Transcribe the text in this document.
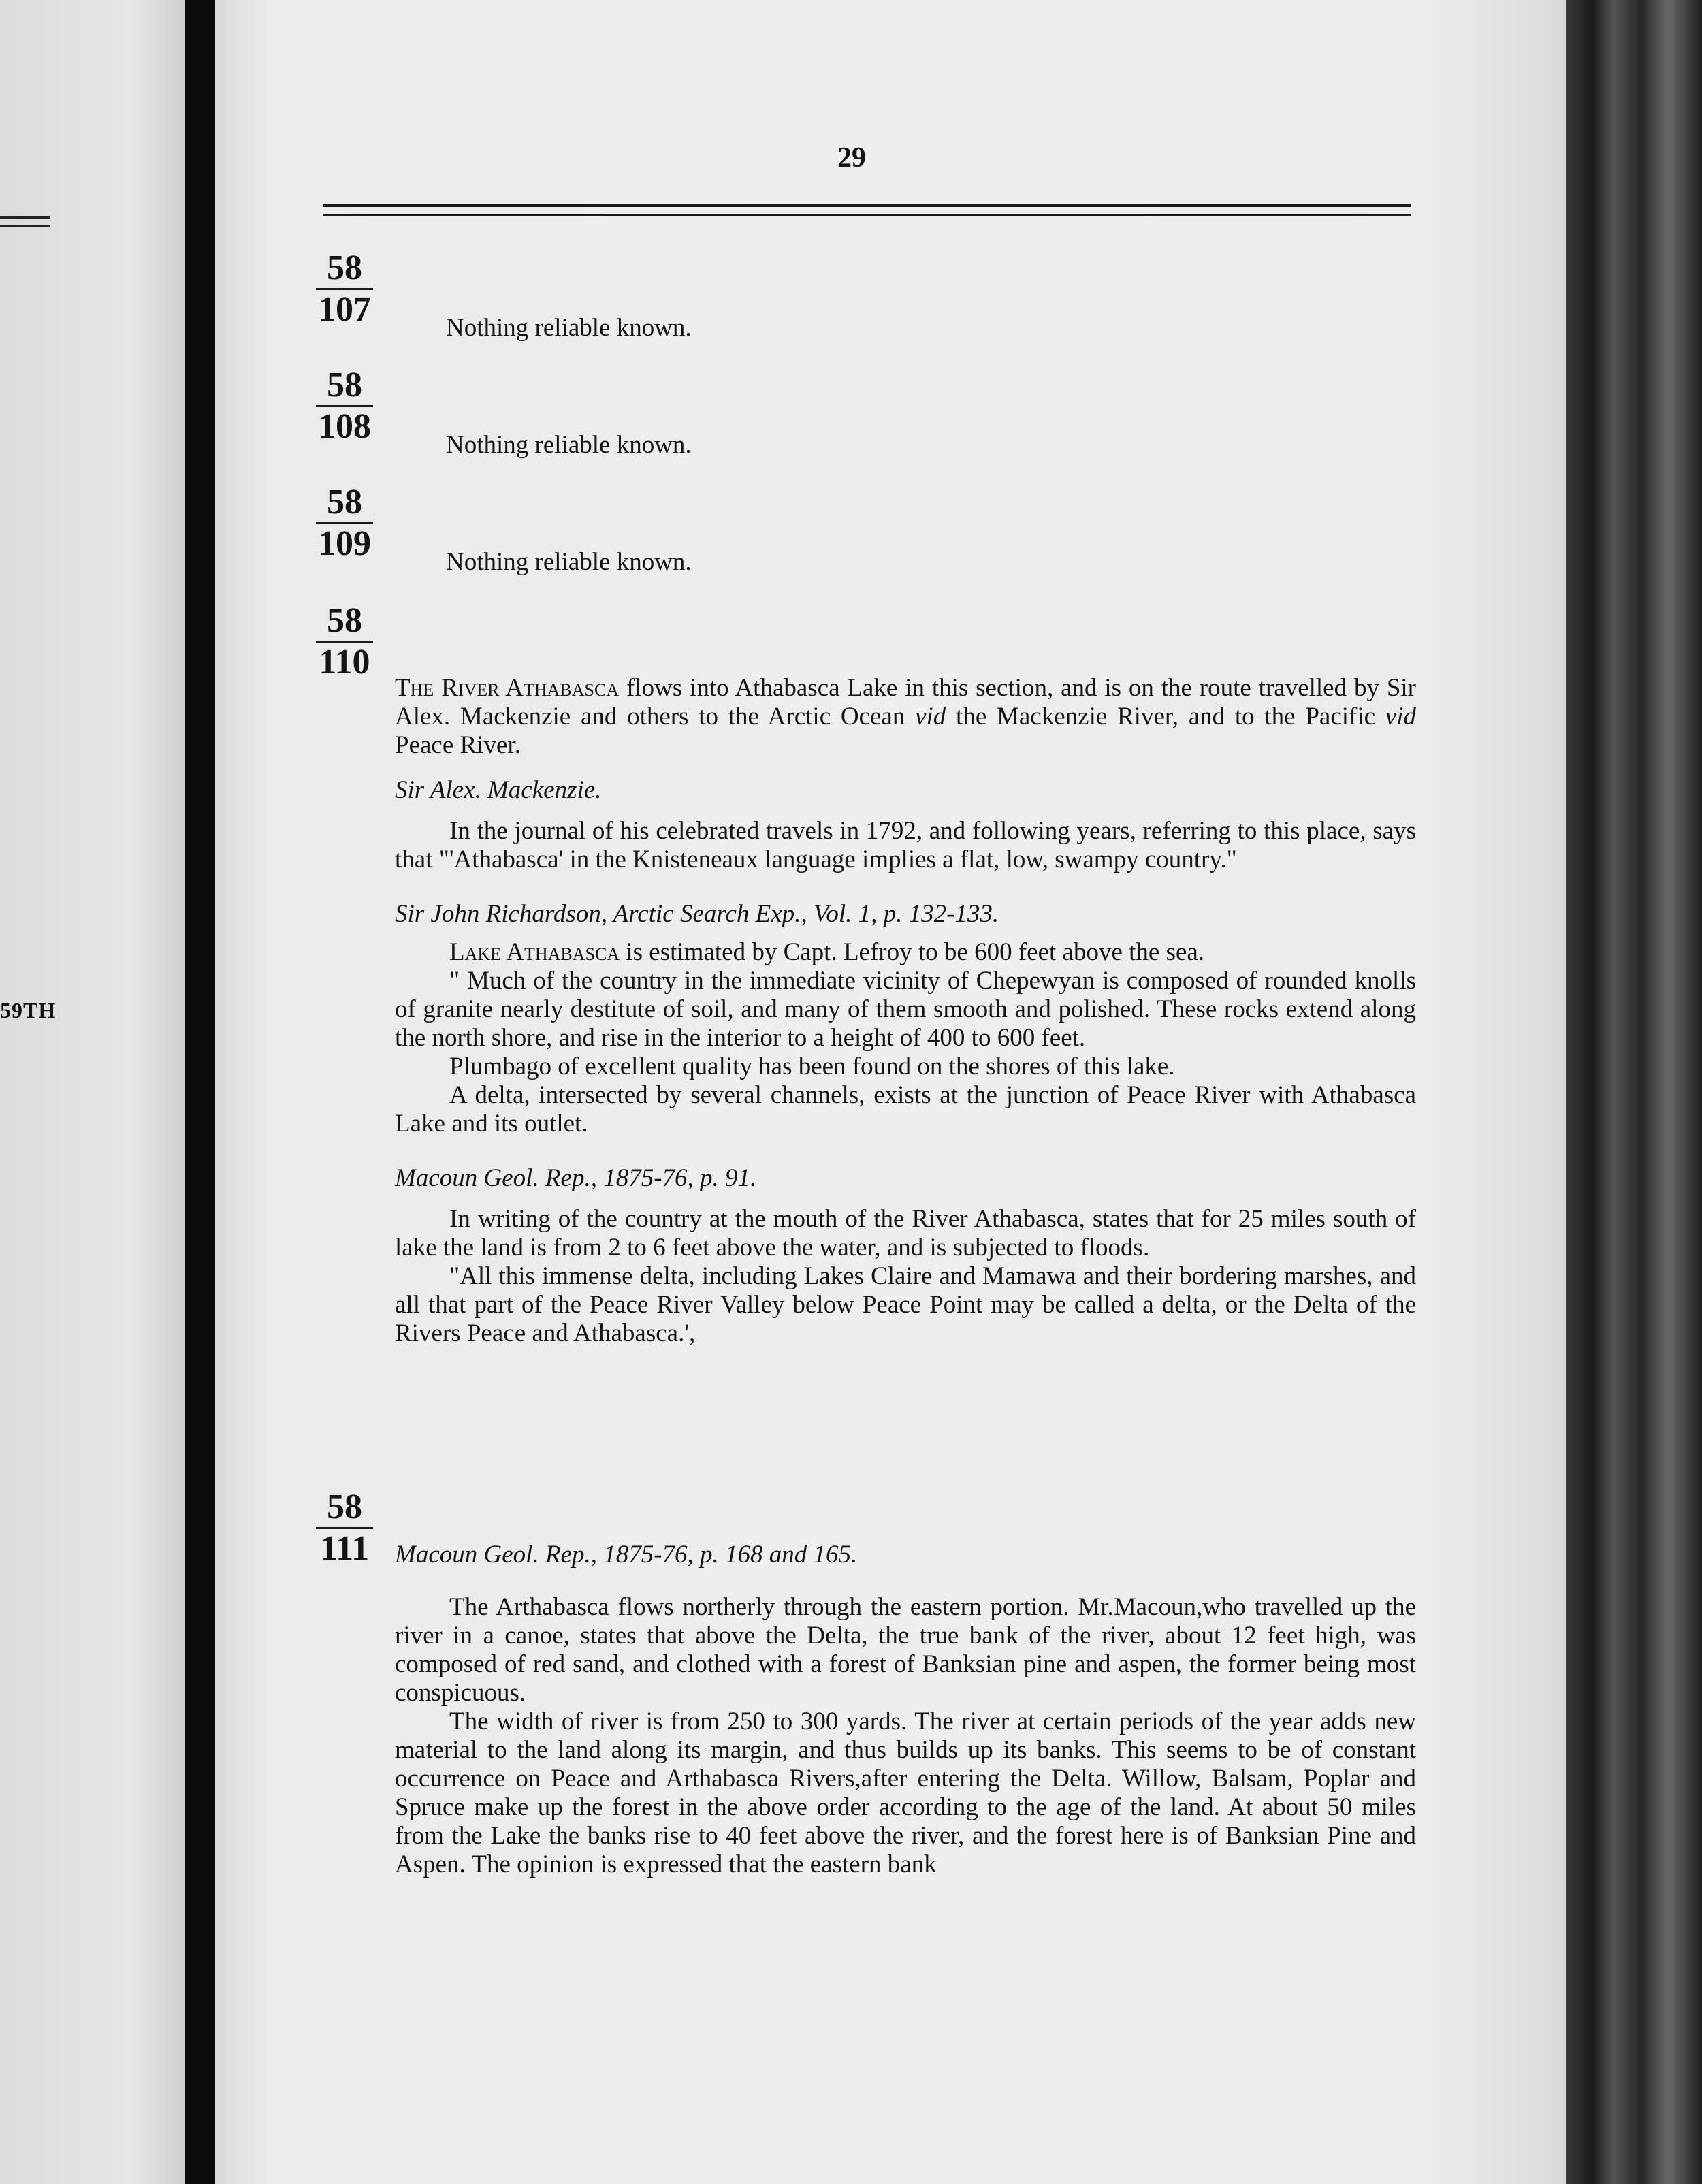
59TH
29
58
107	Nothing reliable known.
58
108	Nothing reliable known.
58
109	Nothing reliable known.
58
110

The River Athabasca flows into Athabasca Lake in this section, and is on the route travelled by Sir Alex. Mackenzie and others to the Arctic Ocean vid the Mackenzie River, and to the Pacific vid Peace River.

Sir Alex. Mackenzie.

In the journal of his celebrated travels in 1792, and following years, referring to this place, says that "'Athabasca' in the Knisteneaux language implies a flat, low, swampy country."

Sir John Richardson, Arctic Search Exp., Vol. 1, p. 132-133.

Lake Athabasca is estimated by Capt. Lefroy to be 600 feet above the sea.

" Much of the country in the immediate vicinity of Chepewyan is composed of rounded knolls of granite nearly destitute of soil, and many of them smooth and polished. These rocks extend along the north shore, and rise in the interior to a height of 400 to 600 feet.

Plumbago of excellent quality has been found on the shores of this lake.

A delta, intersected by several channels, exists at the junction of Peace River with Athabasca Lake and its outlet.

Macoun Geol. Rep., 1875-76, p. 91.

In writing of the country at the mouth of the River Athabasca, states that for 25 miles south of lake the land is from 2 to 6 feet above the water, and is subjected to floods.

"All this immense delta, including Lakes Claire and Mamawa and their bordering marshes, and all that part of the Peace River Valley below Peace Point may be called a delta, or the Delta of the Rivers Peace and Athabasca.',

58
111	Macoun Geol. Rep., 1875-76, p. 168 and 165.

The Arthabasca flows northerly through the eastern portion. Mr.Macoun,who travelled up the river in a canoe, states that above the Delta, the true bank of the river, about 12 feet high, was composed of red sand, and clothed with a forest of Banksian pine and aspen, the former being most conspicuous.

The width of river is from 250 to 300 yards. The river at certain periods of the year adds new material to the land along its margin, and thus builds up its banks. This seems to be of constant occurrence on Peace and Arthabasca Rivers,after entering the Delta. Willow, Balsam, Poplar and Spruce make up the forest in the above order according to the age of the land. At about 50 miles from the Lake the banks rise to 40 feet above the river, and the forest here is of Banksian Pine and Aspen. The opinion is expressed that the eastern bank
